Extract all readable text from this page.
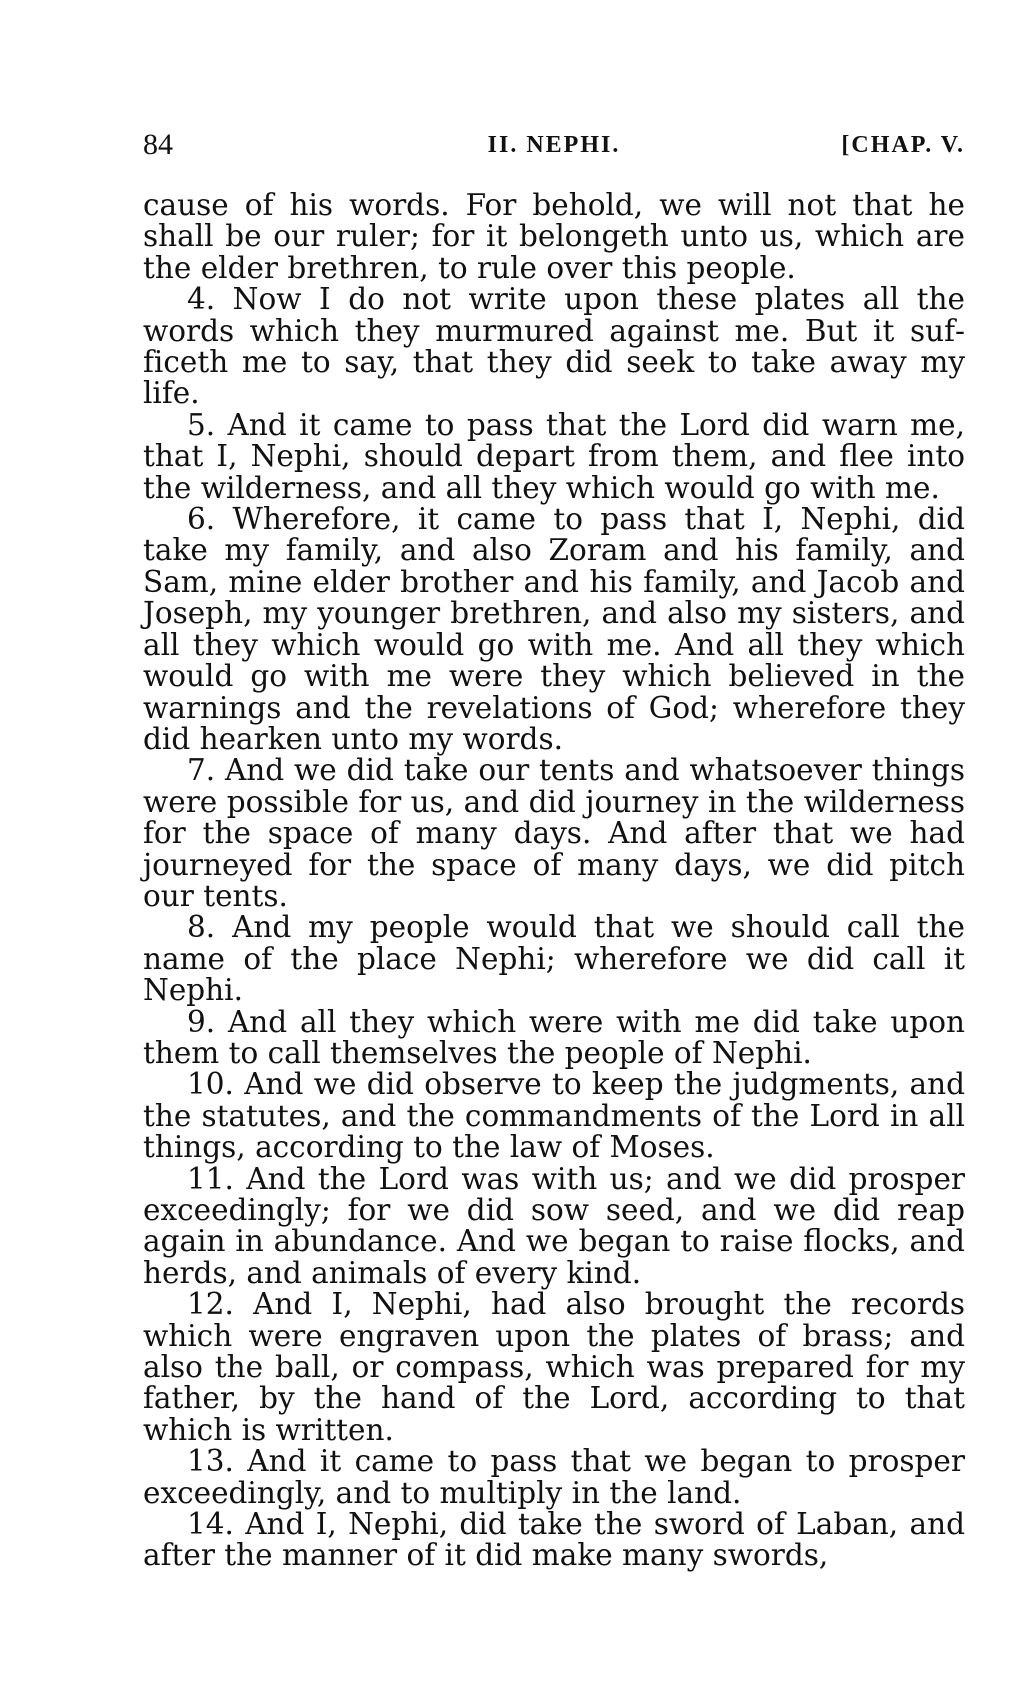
84	II. NEPHI.	[CHAP. V.

cause of his words. For behold, we will not that he shall be our ruler; for it belongeth unto us, which are the elder brethren, to rule over this people.

4. Now I do not write upon these plates all the words which they murmured against me. But it sufficeth me to say, that they did seek to take away my life.

5. And it came to pass that the Lord did warn me, that I, Nephi, should depart from them, and flee into the wilderness, and all they which would go with me.

6. Wherefore, it came to pass that I, Nephi, did take my family, and also Zoram and his family, and Sam, mine elder brother and his family, and Jacob and Joseph, my younger brethren, and also my sisters, and all they which would go with me. And all they which would go with me were they which believed in the warnings and the revelations of God; wherefore they did hearken unto my words.

7. And we did take our tents and whatsoever things were possible for us, and did journey in the wilderness for the space of many days. And after that we had journeyed for the space of many days, we did pitch our tents.

8. And my people would that we should call the name of the place Nephi; wherefore we did call it Nephi.

9. And all they which were with me did take upon them to call themselves the people of Nephi.

10. And we did observe to keep the judgments, and the statutes, and the commandments of the Lord in all things, according to the law of Moses.

11. And the Lord was with us; and we did prosper exceedingly; for we did sow seed, and we did reap again in abundance. And we began to raise flocks, and herds, and animals of every kind.

12. And I, Nephi, had also brought the records which were engraven upon the plates of brass; and also the ball, or compass, which was prepared for my father, by the hand of the Lord, according to that which is written.

13. And it came to pass that we began to prosper exceedingly, and to multiply in the land.

14. And I, Nephi, did take the sword of Laban, and after the manner of it did make many swords,
